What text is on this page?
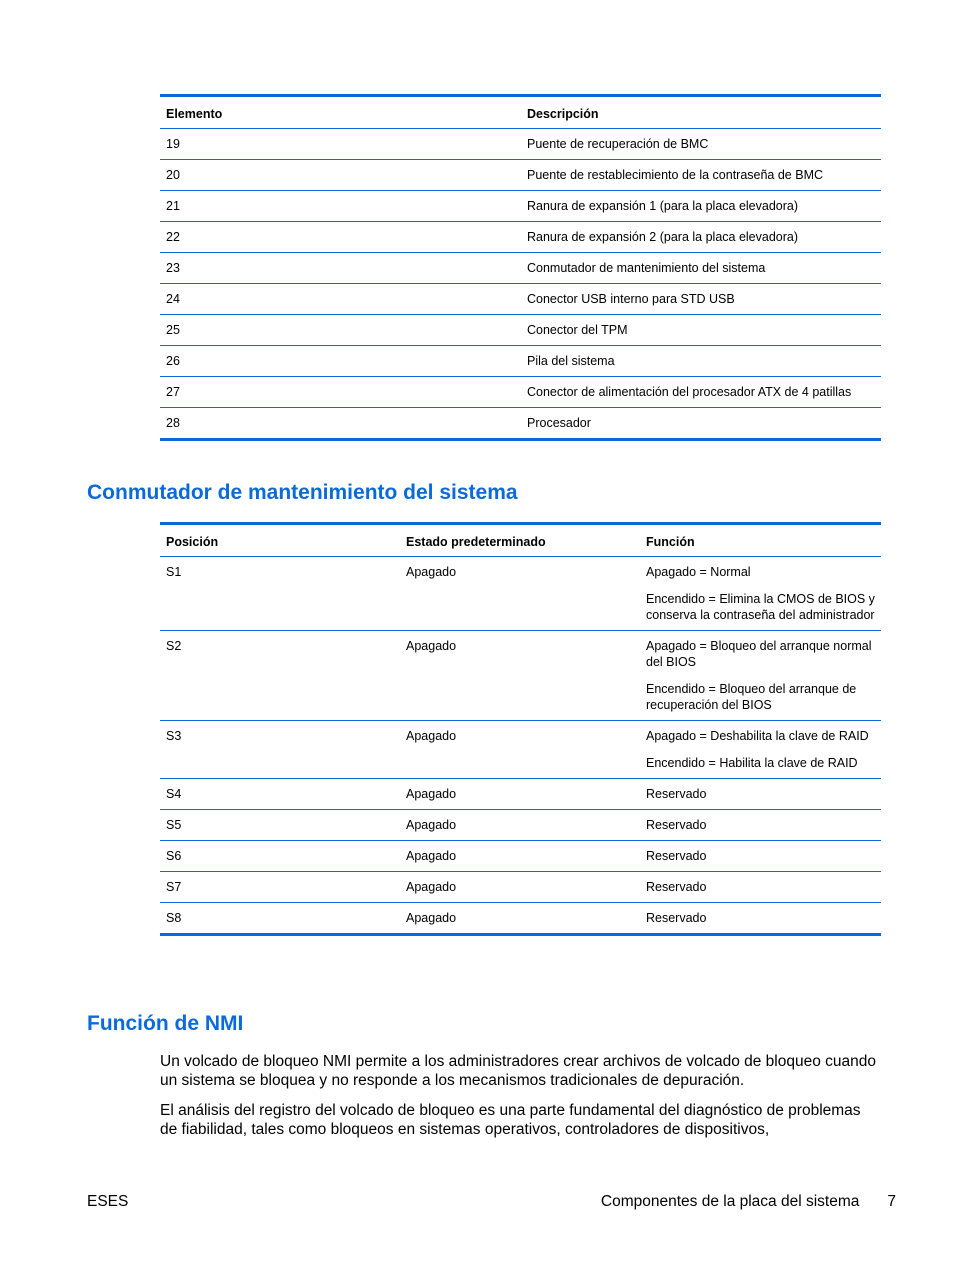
Elemento	Descripción
19	Puente de recuperación de BMC
20	Puente de restablecimiento de la contraseña de BMC
21	Ranura de expansión 1 (para la placa elevadora)
22	Ranura de expansión 2 (para la placa elevadora)
23	Conmutador de mantenimiento del sistema
24	Conector USB interno para STD USB
25	Conector del TPM
26	Pila del sistema
27	Conector de alimentación del procesador ATX de 4 patillas
28	Procesador
Conmutador de mantenimiento del sistema
Posición	Estado predeterminado	Función
S1	Apagado	Apagado = Normal

Encendido = Elimina la CMOS de BIOS y conserva la contraseña del administrador

S2	Apagado	Apagado = Bloqueo del arranque normal del BIOS

Encendido = Bloqueo del arranque de recuperación del BIOS

S3	Apagado	Apagado = Deshabilita la clave de RAID

Encendido = Habilita la clave de RAID

S4	Apagado	Reservado
S5	Apagado	Reservado
S6	Apagado	Reservado
S7	Apagado	Reservado
S8	Apagado	Reservado
Función de NMI

Un volcado de bloqueo NMI permite a los administradores crear archivos de volcado de bloqueo cuando un sistema se bloquea y no responde a los mecanismos tradicionales de depuración.

El análisis del registro del volcado de bloqueo es una parte fundamental del diagnóstico de problemas de fiabilidad, tales como bloqueos en sistemas operativos, controladores de dispositivos,

ESES	Componentes de la placa del sistema 7
